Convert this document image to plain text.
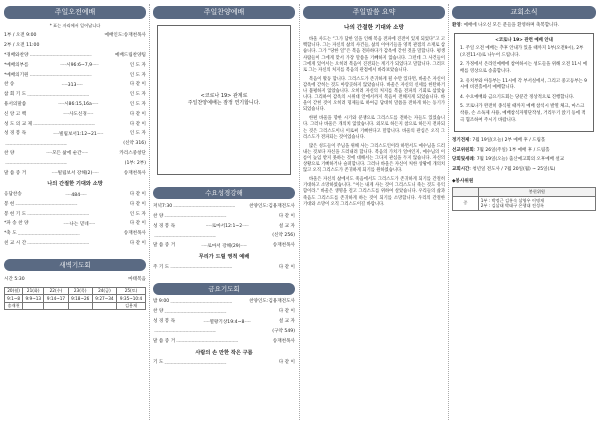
주일오전예배
* 표는 자리에서 일어납니다
1부 / 오전 9:00	예배인도:송재천목사
2부 / 오전 11:00
*경배와찬양 ················································································	예배드림찬양팀
*예배의부름	········시96:6~7,9········	인 도 자
*예배의기원 ················································································	인 도 자
찬 송	········313········	다 같 이
참 회 기 도 ················································································	인 도 자
용서의말씀	········시86:15,16a········	인 도 자
신 앙 고 백	········사도신경········	다 같 이
성 도 의 교 제 ················································································	다 같 이
성 경 봉 독	········빌립보서1:12~21········	인 도 자
················································································	(신약 316)
찬 양	········모든 삶에 순간········	카리스중창단
················································································	(1부: 2부)
말 씀 증 거	········빌립보서 강해(2)········	송재천목사
나의 간절한 기대와 소망
응답찬송	········484········	다 같 이
봉 헌 ················································································	다 같 이
봉 헌 기 도 ················································································	인 도 자
*파 송 찬 양	········나는 믿네········	다 같 이
*축 도 ················································································	송재천목사
친 교 시 간 ················································································	다 같 이
새벽기도회
시간 5:30	마태복음
20(월)	21(화)	22(수)	23(목)	24(금)	25(토)
9:1~8	9:9~13	9:14~17	9:18~26	9:27~34	9:35~10:4
송재천					김용재
주일찬양예배
<코로나 19> 관계로
주일찬양예배는 잠정 연기합니다.
수요성경강해
저녁7:30 ················································································	찬양인도:김용재전도사
찬 양 ················································································	다 같 이
성 경 봉 독	········로마서12:1~2········	설 교 자
················································································	(신약 256)
말 씀 증 거	········로마서 강해(29)········	송재천목사
무리가 드릴 영적 예배
주 기 도 ················································································	다 같 이
금요기도회
밤 9:00 ················································································	찬양인도:김용재전도사
찬 양 ················································································	다 같 이
성 경 봉 독	········열왕기상19:4~8········	설 교 자
················································································	(구약 549)
말 씀 증 거 ················································································	송재천목사
사람의 손 만한 작은 구름
기 도 ················································································	다 같 이
주일말씀 요약
나의 간절한 기대와 소망

바울 사도는 “그가 담한 일을 인해 복음 전파에 진전이 있게 되었다”고 고백합니다. 그는 자신의 삶의 사건들, 삶의 이야기들을 영적 관점의 소재로 삼습니다. 그가 “당한 일”은 복음 전파하다가 감옥에 갇힌 것을 말합니다. 평생 사람들이 그에게 맞서 가장 말씀을 기빼하지 않습니다. 그런데 그 사건들이 그에게 있어서는 오히려 복음이 진전되는 계기가 되었다고 말합니다. 그러므로 그는 자신의 처지를 복음의 관점에서 바라보았습니다.

복음이 활동 합니다. 그리스도가 존귀하게 될 수만 있다면, 바울은 자신이 감옥에 갇히는 것도 아랑곳하지 않았습니다. 바울은 자신의 신세를 한탄하거나 불평하지 않았습니다. 오히려 자신의 처지를 복음 전파의 기회로 삼았습니다. 그리하여 감옥의 시위대 안에서까지 복음이 전해지게 되었습니다. 바울이 갇힌 것이 오히려 형제들로 하여금 담대히 말씀을 전하게 하는 동기가 되었습니다.

한편 바울을 향한 시기와 분쟁으로 그리스도를 전하는 자들도 있었습니다. 그러나 바울은 개의치 않았습니다. 외모로 하든지 참으로 하든지 전파되는 것은 그리스도이니 이로써 기뻐한다고 말합니다. 바울의 관심은 오직 그리스도가 전파되는 것이었습니다.

많은 성도들이 주님을 위해 사는 그리스도인이라 하면서도 예수님을 드러내는 것보다 자신을 드러내려 합니다. 복음의 가치가 얼마인지, 예수님의 이름이 높임 받지 못하는 것에 대해서는 그다지 관심을 두지 않습니다. 자신의 상황으로 기뻐하거나 슬퍼합니다. 그러나 바울은 자신이 처한 상황에 개의치 않고 오직 그리스도가 존귀하게 되기를 원하였습니다.

바울은 자신의 삶에서도 죽음에서도 그리스도가 존귀하게 되기를 간절히 기대하고 소망하였습니다. “이는 내게 사는 것이 그리스도니 죽는 것도 유익함이라.” 바울은 생명을 걸고 그리스도를 위하여 살았습니다. 우리들의 삶과 죽음도 그리스도를 존귀하게 하는 것이 되기를 소망합니다. 우리의 간절한 기대와 소망이 오직 그리스도이길 바랍니다.

교회소식
환영: 예배에 나오신 모든 분들을 환영하며 축복합니다.
<코로나 19> 관련 예배 안내

1. 주일 오전 예배는 추후 안내가 있을 때까지 1부(오전9시), 2부(오전11시)로 나누어 드립니다.

2. 가정에서 온라인예배에 참여하시는 성도들을 위해 오전 11시 예배를 영상으로 송출합니다.

3. 유치부와 아동부는 11시에 각 부서실에서, 그리고 중고등부는 9시에 비전홀에서 예배합니다.

4. 수요예배와 금요기도회는 당분간 정상적으로 진행합니다.

5. 코로나가 완전히 종식될 때까지 예배 참석시 발열 체크, 마스크 착용, 손 소독제 사용, 예배참석자명단작성, 거리두기 앉기 등에 적극 협조하여 주시기 바랍니다.

정기전제: 7월 19일(오늘) 2부 예배 후 / 드림홀
선교위원회: 7월 26일(주일) 1부 예배 후 / 드림홀
당회및세례: 7월 19일(오늘) 출산예고회의 오후예배 설교
교회시간: 청년일 전도사 / 7월 20일(월) ~ 25일(토)
◆봉사위원
	봉헌위원
중	1부 : 박정근 김홍숙 삼영우 이명재
2부 : 김삼태 박태구 은행대 전성록
